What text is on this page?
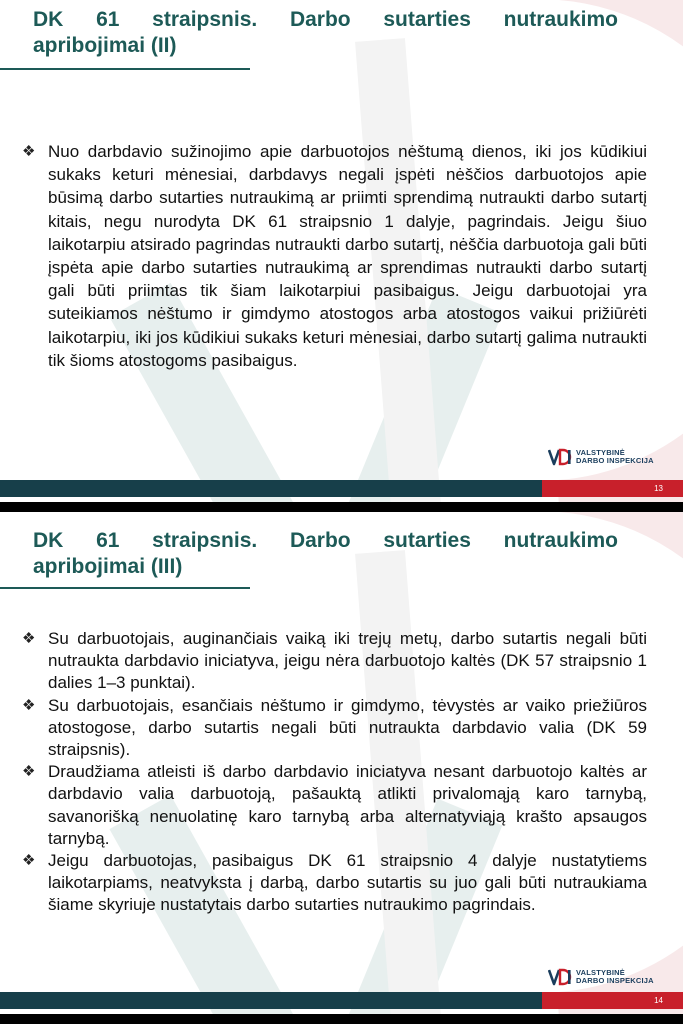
DK 61 straipsnis. Darbo sutarties nutraukimo
apribojimai (II)
❖ Nuo darbdavio sužinojimo apie darbuotojos nėštumą dienos, iki jos kūdikiui sukaks keturi mėnesiai, darbdavys negali įspėti nėščios darbuotojos apie būsimą darbo sutarties nutraukimą ar priimti sprendimą nutraukti darbo sutartį kitais, negu nurodyta DK 61 straipsnio 1 dalyje, pagrindais. Jeigu šiuo laikotarpiu atsirado pagrindas nutraukti darbo sutartį, nėščia darbuotoja gali būti įspėta apie darbo sutarties nutraukimą ar sprendimas nutraukti darbo sutartį gali būti priimtas tik šiam laikotarpiui pasibaigus. Jeigu darbuotojai yra suteikiamos nėštumo ir gimdymo atostogos arba atostogos vaikui prižiūrėti laikotarpiu, iki jos kūdikiui sukaks keturi mėnesiai, darbo sutartį galima nutraukti tik šioms atostogoms pasibaigus.
VALSTYBINĖ
DARBO INSPEKCIJA
13
DK 61 straipsnis. Darbo sutarties nutraukimo
apribojimai (III)
❖ Su darbuotojais, auginančiais vaiką iki trejų metų, darbo sutartis negali būti nutraukta darbdavio iniciatyva, jeigu nėra darbuotojo kaltės (DK 57 straipsnio 1 dalies 1–3 punktai).
❖ Su darbuotojais, esančiais nėštumo ir gimdymo, tėvystės ar vaiko priežiūros atostogose, darbo sutartis negali būti nutraukta darbdavio valia (DK 59 straipsnis).
❖ Draudžiama atleisti iš darbo darbdavio iniciatyva nesant darbuotojo kaltės ar darbdavio valia darbuotoją, pašauktą atlikti privalomąją karo tarnybą, savanorišką nenuolatinę karo tarnybą arba alternatyviąją krašto apsaugos tarnybą.
❖ Jeigu darbuotojas, pasibaigus DK 61 straipsnio 4 dalyje nustatytiems laikotarpiams, neatvyksta į darbą, darbo sutartis su juo gali būti nutraukiama šiame skyriuje nustatytais darbo sutarties nutraukimo pagrindais.
VALSTYBINĖ
DARBO INSPEKCIJA
14
